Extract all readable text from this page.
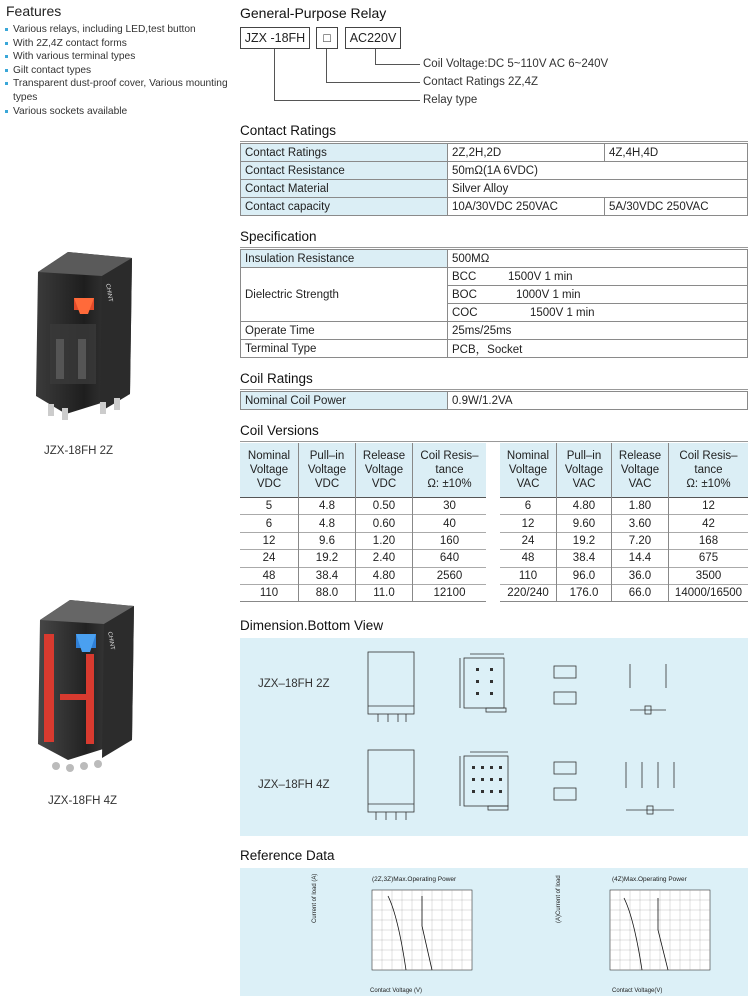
Features
Various relays, including LED,test button
With 2Z,4Z contact forms
With various terminal types
Gilt contact types
Transparent dust-proof cover, Various mounting types
Various sockets available
CHINT
JZX-18FH 2Z
CHINT
JZX-18FH 4Z
General-Purpose Relay
JZX -18FH	□	AC220V
Coil Voltage:DC 5~110V AC 6~240V
Contact Ratings 2Z,4Z
Relay type
Contact Ratings
Contact Ratings	2Z,2H,2D	4Z,4H,4D
Contact Resistance	50mΩ(1A 6VDC)	
Contact Material	Silver Alloy	
Contact capacity	10A/30VDC 250VAC	5A/30VDC 250VAC
Specification
Insulation Resistance	500MΩ
Dielectric Strength	BCC 1500V 1 min
	BOC 1000V 1 min
	COC 1500V 1 min
Operate Time	25ms/25ms
Terminal Type	PCB，Socket
Coil Ratings
Nominal Coil Power	0.9W/1.2VA
Coil Versions
Nominal
Voltage
VDC	Pull–in
Voltage
VDC	Release
Voltage
VDC	Coil Resis–
tance
Ω: ±10%
5	4.8	0.50	30
6	4.8	0.60	40
12	9.6	1.20	160
24	19.2	2.40	640
48	38.4	4.80	2560
110	88.0	11.0	12100
Nominal
Voltage
VAC	Pull–in
Voltage
VAC	Release
Voltage
VAC	Coil Resis–
tance
Ω: ±10%
6	4.80	1.80	12
12	9.60	3.60	42
24	19.2	7.20	168
48	38.4	14.4	675
110	96.0	36.0	3500
220/240	176.0	66.0	14000/16500
Dimension.Bottom View
JZX–18FH 2Z
JZX–18FH 4Z
Reference Data
(2Z,3Z)Max.Operating Power	(4Z)Max.Operating Power
Contact Voltage (V)
Current of load (A)
Contact Voltage(V)
(A)Current of load
